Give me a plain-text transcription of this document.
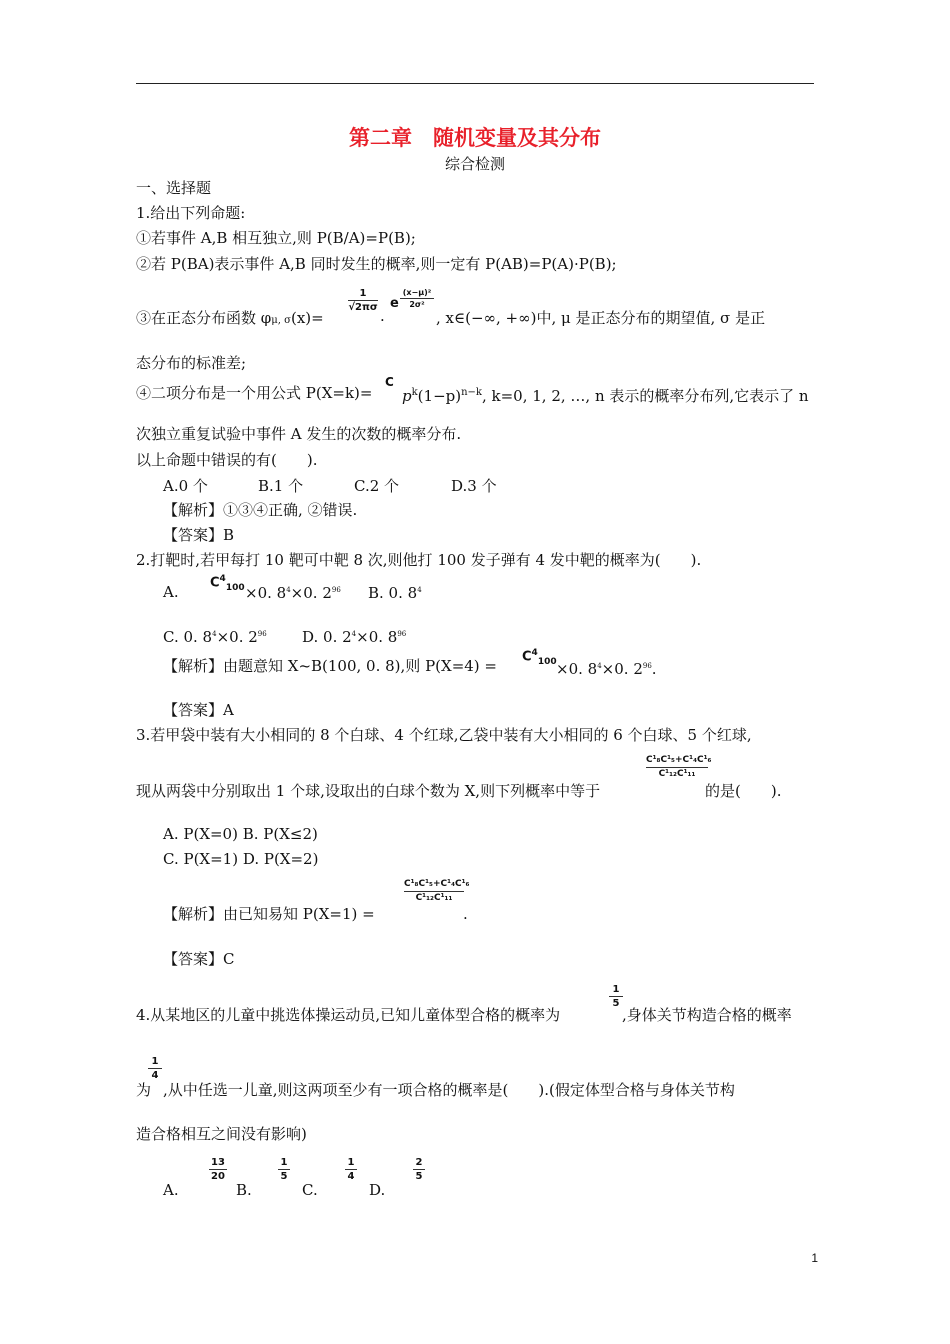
第二章　随机变量及其分布
综合检测
一、选择题
1.给出下列命题:
①若事件 A,B 相互独立,则 P(B/A)=P(B);
②若 P(BA)表示事件 A,B 同时发生的概率,则一定有 P(AB)=P(A)·P(B);
③在正态分布函数 φμ, σ(x)=
1
√2πσ
·
e
(x−μ)²
2σ²
, x∈(−∞, +∞)中, μ 是正态分布的期望值, σ 是正
态分布的标准差;
④二项分布是一个用公式 P(X=k)=
C
$p^k(1-p)^{n-k}$, k=0, 1, 2, …, n 表示的概率分布列,它表示了 n
次独立重复试验中事件 A 发生的次数的概率分布.
以上命题中错误的有(　　).
A.0 个	B.1 个	C.2 个	D.3 个
【解析】①③④正确, ②错误.
【答案】B
2.打靶时,若甲每打 10 靶可中靶 8 次,则他打 100 发子弹有 4 发中靶的概率为(　　).
A.
$C^4_{100} \times 0$. $8^4\times 0$. $2^{96}$ B. 0. $8^4$
C. 0. $8^4\times 0$. $2^{96}$ D. 0. $2^4\times 0$. $8^{96}$
【解析】由题意知 X~B(100, 0. 8),则 P(X=4) =
$C^4_{100} \times 0$. $8^4\times 0$. $2^{96}$.
【答案】A
3.若甲袋中装有大小相同的 8 个白球、4 个红球,乙袋中装有大小相同的 6 个白球、5 个红球,
现从两袋中分别取出 1 个球,设取出的白球个数为 X,则下列概率中等于
C¹₈C¹₅+C¹₄C¹₆
C¹₁₂C¹₁₁
的是(　　).
A. P(X=0) B. P(X≤2)
C. P(X=1) D. P(X=2)
【解析】由已知易知 P(X=1) =
C¹₈C¹₅+C¹₄C¹₆
C¹₁₂C¹₁₁
.
【答案】C
4.从某地区的儿童中挑选体操运动员,已知儿童体型合格的概率为
1
5
,身体关节构造合格的概率
1
4
为 ,从中任选一儿童,则这两项至少有一项合格的概率是(　　).(假定体型合格与身体关节构
造合格相互之间没有影响)
A.
13
20
B.
1
5
C.
1
4
D.
2
5
1
